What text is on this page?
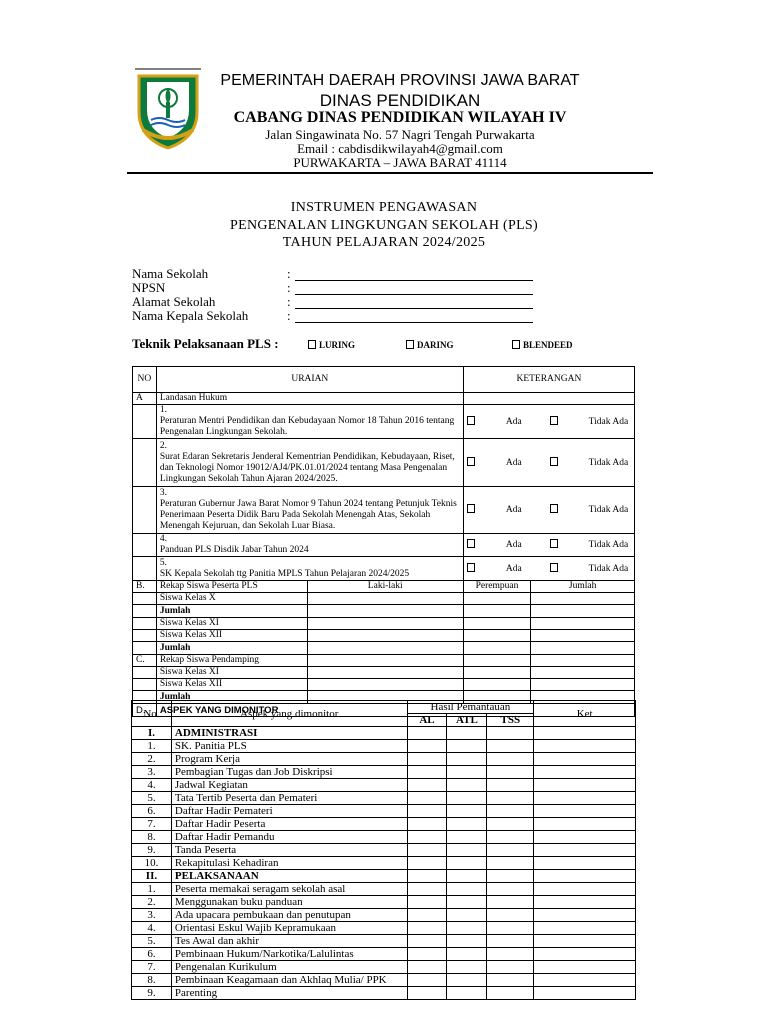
PEMERINTAH DAERAH PROVINSI JAWA BARAT
DINAS PENDIDIKAN
CABANG DINAS PENDIDIKAN WILAYAH IV
Jalan Singawinata No. 57 Nagri Tengah Purwakarta
Email : cabdisdikwilayah4@gmail.com
PURWAKARTA – JAWA BARAT 41114
INSTRUMEN PENGAWASAN
PENGENALAN LINGKUNGAN SEKOLAH (PLS)
TAHUN PELAJARAN 2024/2025
Nama Sekolah	:
NPSN	:
Alamat Sekolah	:
Nama Kepala Sekolah	:
Teknik Pelaksanaan PLS :	LURING	DARING	BLENDEED
NO	URAIAN		KETERANGAN	
A	Landasan Hukum			
	1.Peraturan Mentri Pendidikan dan Kebudayaan Nomor 18 Tahun 2016 tentang Pengenalan Lingkungan Sekolah.		Ada Tidak Ada	
	2.Surat Edaran Sekretaris Jenderal Kementrian Pendidikan, Kebudayaan, Riset, dan Teknologi Nomor 19012/AJ4/PK.01.01/2024 tentang Masa Pengenalan Lingkungan Sekolah Tahun Ajaran 2024/2025.		Ada Tidak Ada	
	3.Peraturan Gubernur Jawa Barat Nomor 9 Tahun 2024 tentang Petunjuk Teknis Penerimaan Peserta Didik Baru Pada Sekolah Menengah Atas, Sekolah Menengah Kejuruan, dan Sekolah Luar Biasa.		Ada Tidak Ada	
	4.Panduan PLS Disdik Jabar Tahun 2024		Ada Tidak Ada	
	5.SK Kepala Sekolah ttg Panitia MPLS Tahun Pelajaran 2024/2025		Ada Tidak Ada	
B.	Rekap Siswa Peserta PLS	Laki-laki	Perempuan	Jumlah
	Siswa Kelas X			
	Jumlah			
	Siswa Kelas XI			
	Siswa Kelas XII			
	Jumlah			
C.	Rekap Siswa Pendamping			
	Siswa Kelas XI			
	Siswa Kelas XII			
	Jumlah			
D.	ASPEK YANG DIMONITOR			
No.	Aspek yang dimonitor	Hasil Pemantauan			Ket
		AL	ATL	TSS	
I.	ADMINISTRASI				
1.	SK. Panitia PLS				
2.	Program Kerja				
3.	Pembagian Tugas dan Job Diskripsi				
4.	Jadwal Kegiatan				
5.	Tata Tertib Peserta dan Pemateri				
6.	Daftar Hadir Pemateri				
7.	Daftar Hadir Peserta				
8.	Daftar Hadir Pemandu				
9.	Tanda Peserta				
10.	Rekapitulasi Kehadiran				
II.	PELAKSANAAN				
1.	Peserta memakai seragam sekolah asal				
2.	Menggunakan buku panduan				
3.	Ada upacara pembukaan dan penutupan				
4.	Orientasi Eskul Wajib Kepramukaan				
5.	Tes Awal dan akhir				
6.	Pembinaan Hukum/Narkotika/Lalulintas				
7.	Pengenalan Kurikulum				
8.	Pembinaan Keagamaan dan Akhlaq Mulia/ PPK				
9.	Parenting				
